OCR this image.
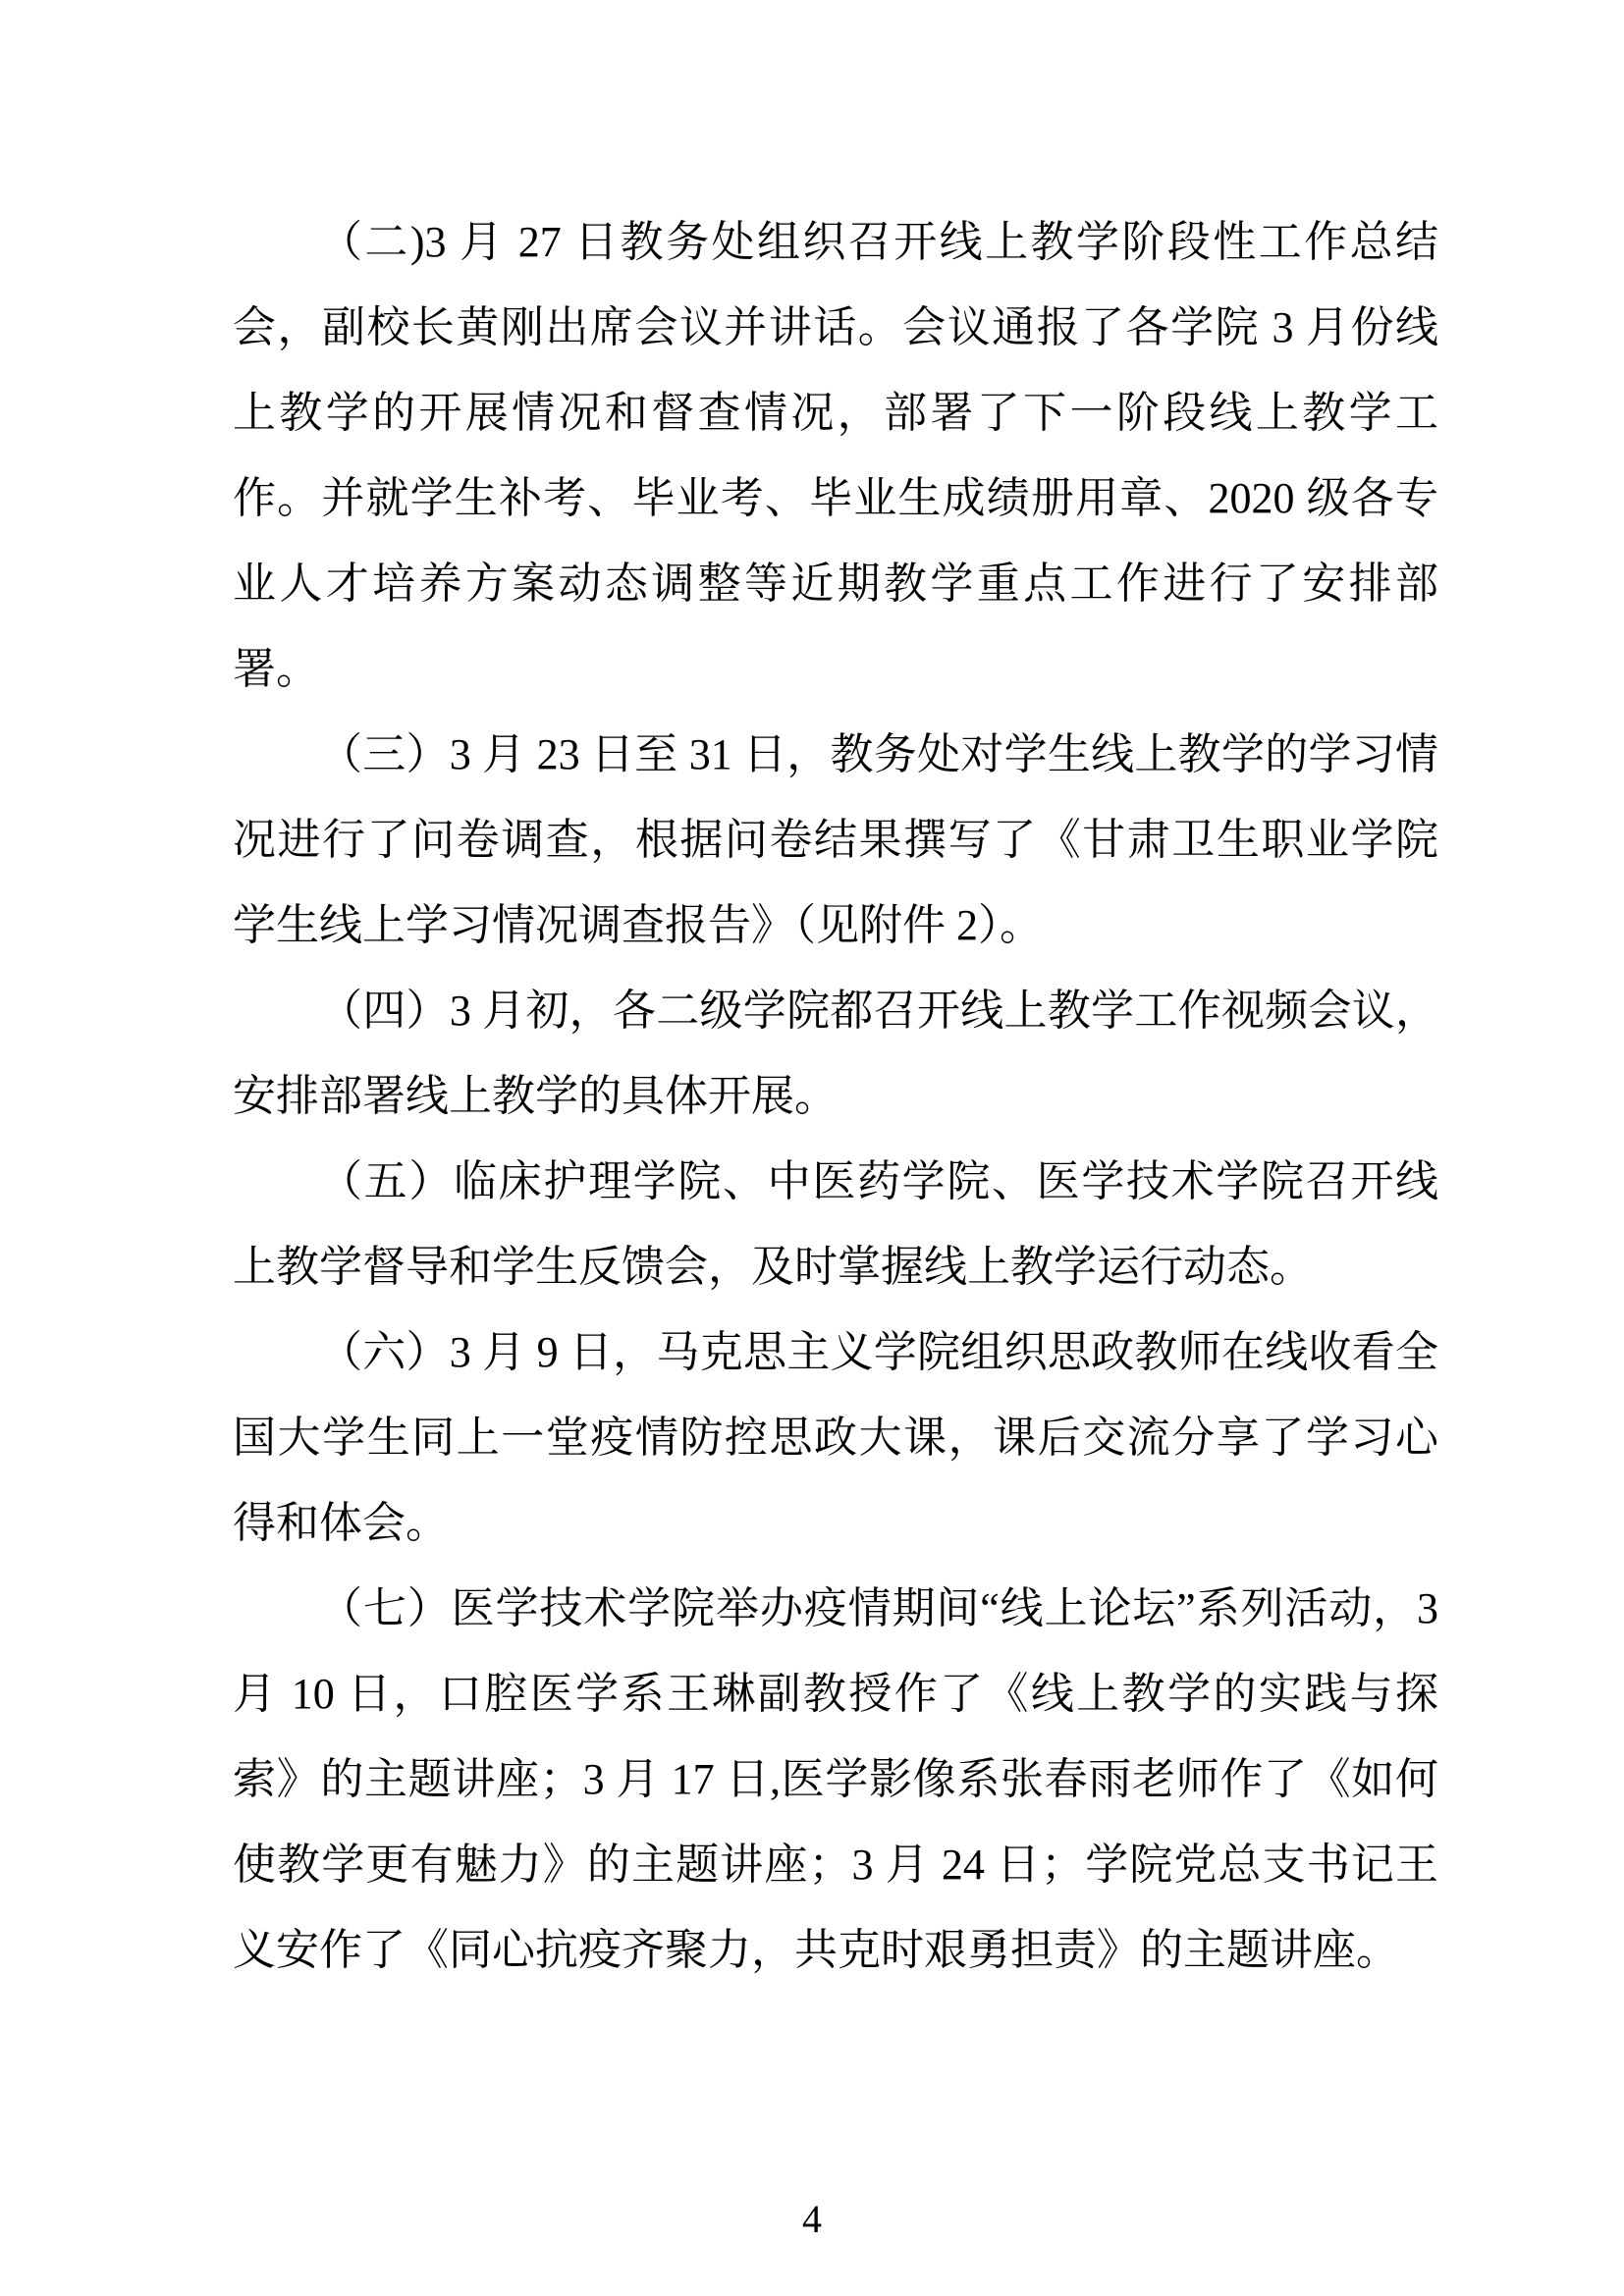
（二)3 月 27 日教务处组织召开线上教学阶段性工作总结会，副校长黄刚出席会议并讲话。会议通报了各学院 3 月份线上教学的开展情况和督查情况，部署了下一阶段线上教学工作。并就学生补考、毕业考、毕业生成绩册用章、2020 级各专业人才培养方案动态调整等近期教学重点工作进行了安排部署。

（三）3 月 23 日至 31 日，教务处对学生线上教学的学习情况进行了问卷调查，根据问卷结果撰写了《甘肃卫生职业学院学生线上学习情况调查报告》（见附件 2）。

（四）3 月初，各二级学院都召开线上教学工作视频会议，安排部署线上教学的具体开展。

（五）临床护理学院、中医药学院、医学技术学院召开线上教学督导和学生反馈会，及时掌握线上教学运行动态。

（六）3 月 9 日，马克思主义学院组织思政教师在线收看全国大学生同上一堂疫情防控思政大课，课后交流分享了学习心得和体会。

（七）医学技术学院举办疫情期间“线上论坛”系列活动，3 月 10 日，口腔医学系王琳副教授作了《线上教学的实践与探索》的主题讲座；3 月 17 日,医学影像系张春雨老师作了《如何使教学更有魅力》的主题讲座；3 月 24 日；学院党总支书记王义安作了《同心抗疫齐聚力，共克时艰勇担责》的主题讲座。

4
